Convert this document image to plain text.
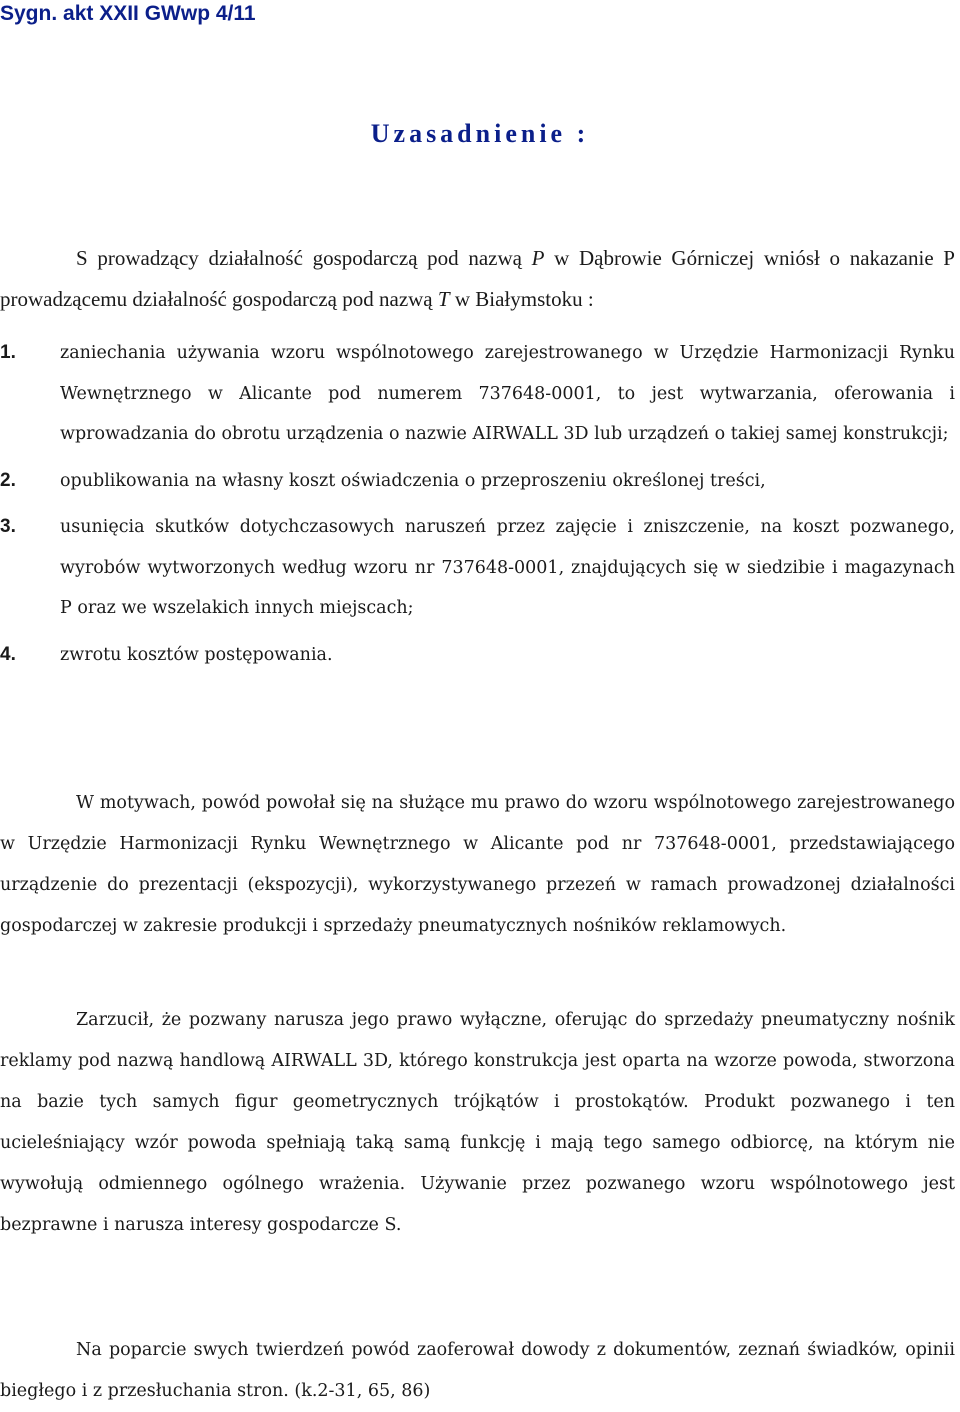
Sygn. akt XXII GWwp 4/11
Uzasadnienie :
S prowadzący działalność gospodarczą pod nazwą P w Dąbrowie Górniczej wniósł o nakazanie P prowadzącemu działalność gospodarczą pod nazwą T w Białymstoku :
1.	zaniechania używania wzoru wspólnotowego zarejestrowanego w Urzędzie Harmonizacji Rynku Wewnętrznego w Alicante pod numerem 737648-0001, to jest wytwarzania, oferowania i wprowadzania do obrotu urządzenia o nazwie AIRWALL 3D lub urządzeń o takiej samej konstrukcji;
2.	opublikowania na własny koszt oświadczenia o przeproszeniu określonej treści,
3.	usunięcia skutków dotychczasowych naruszeń przez zajęcie i zniszczenie, na koszt pozwanego, wyrobów wytworzonych według wzoru nr 737648-0001, znajdujących się w siedzibie i magazynach P oraz we wszelakich innych miejscach;
4.	zwrotu kosztów postępowania.
W motywach, powód powołał się na służące mu prawo do wzoru wspólnotowego zarejestrowanego w Urzędzie Harmonizacji Rynku Wewnętrznego w Alicante pod nr 737648-0001, przedstawiającego urządzenie do prezentacji (ekspozycji), wykorzystywanego przezeń w ramach prowadzonej działalności gospodarczej w zakresie produkcji i sprzedaży pneumatycznych nośników reklamowych.
Zarzucił, że pozwany narusza jego prawo wyłączne, oferując do sprzedaży pneumatyczny nośnik reklamy pod nazwą handlową AIRWALL 3D, którego konstrukcja jest oparta na wzorze powoda, stworzona na bazie tych samych figur geometrycznych trójkątów i prostokątów. Produkt pozwanego i ten ucieleśniający wzór powoda spełniają taką samą funkcję i mają tego samego odbiorcę, na którym nie wywołują odmiennego ogólnego wrażenia. Używanie przez pozwanego wzoru wspólnotowego jest bezprawne i narusza interesy gospodarcze S.
Na poparcie swych twierdzeń powód zaoferował dowody z dokumentów, zeznań świadków, opinii biegłego i z przesłuchania stron. (k.2-31, 65, 86)
